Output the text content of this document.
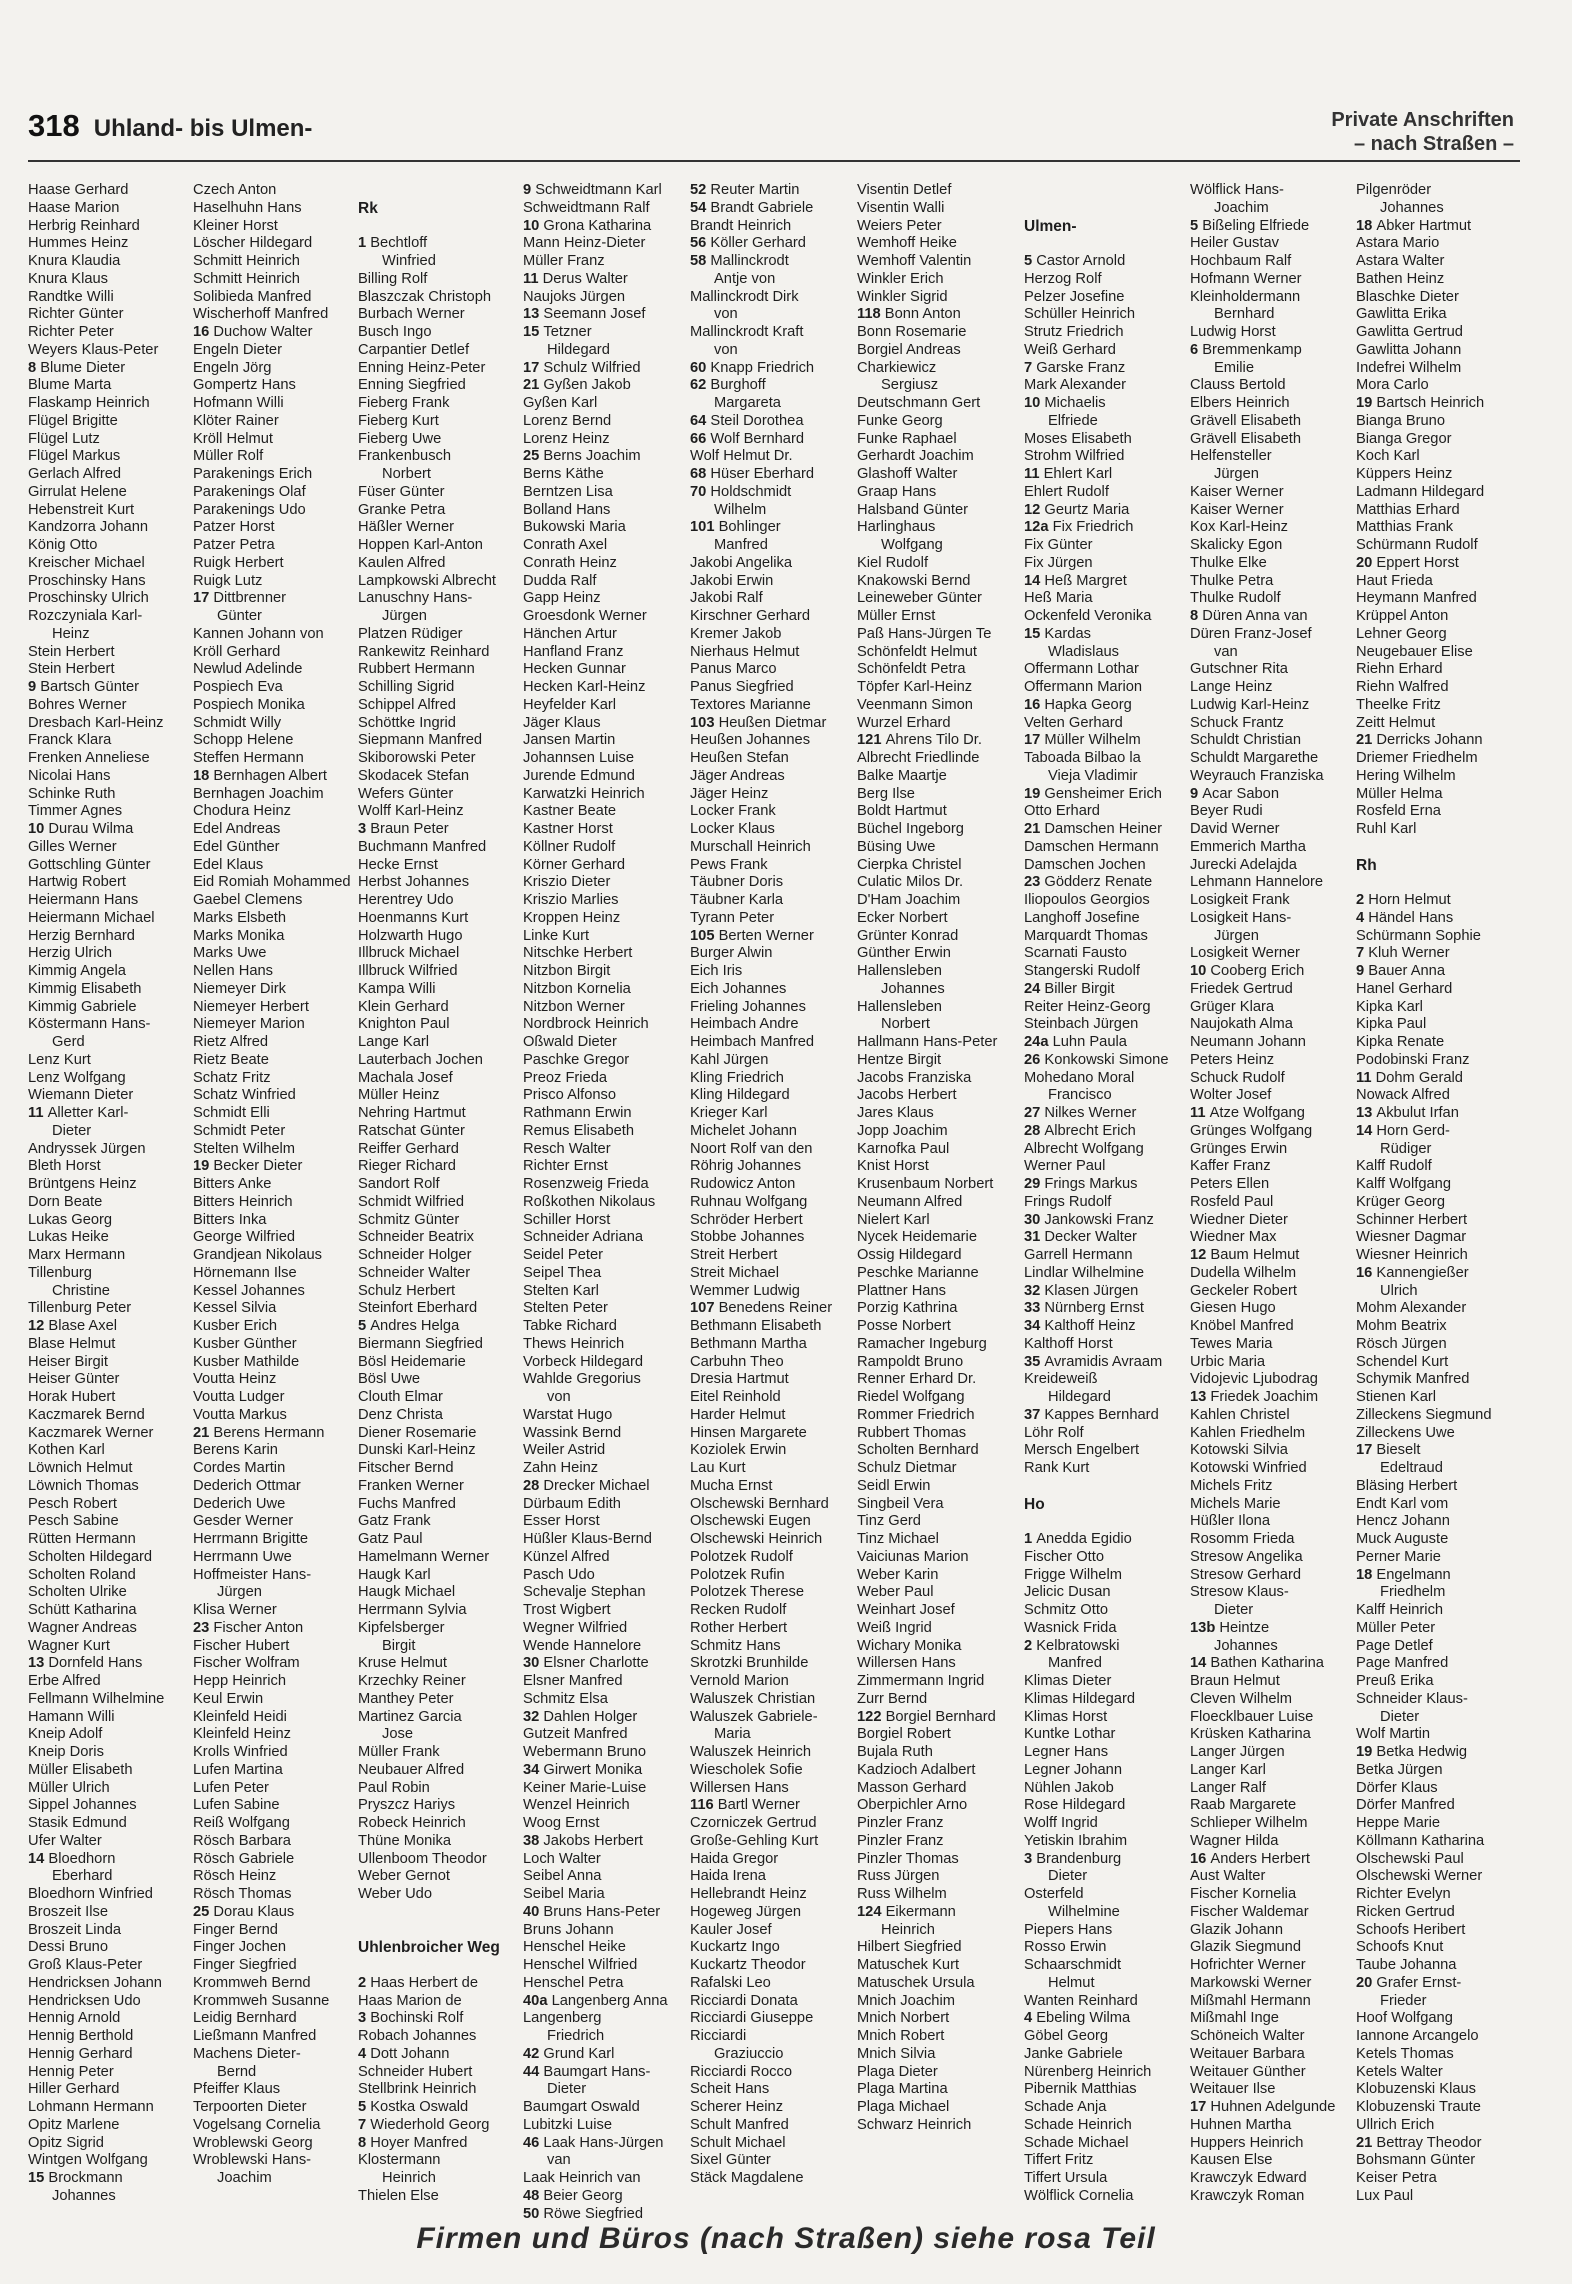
318 Uhland- bis Ulmen-	Private Anschriften
– nach Straßen –
Haase Gerhard
Haase Marion
Herbrig Reinhard
Hummes Heinz
Knura Klaudia
Knura Klaus
Randtke Willi
Richter Günter
Richter Peter
Weyers Klaus-Peter
8 Blume Dieter
Blume Marta
Flaskamp Heinrich
Flügel Brigitte
Flügel Lutz
Flügel Markus
Gerlach Alfred
Girrulat Helene
Hebenstreit Kurt
Kandzorra Johann
König Otto
Kreischer Michael
Proschinsky Hans
Proschinsky Ulrich
Rozczyniala Karl-
Heinz
Stein Herbert
Stein Herbert
9 Bartsch Günter
Bohres Werner
Dresbach Karl-Heinz
Franck Klara
Frenken Anneliese
Nicolai Hans
Schinke Ruth
Timmer Agnes
10 Durau Wilma
Gilles Werner
Gottschling Günter
Hartwig Robert
Heiermann Hans
Heiermann Michael
Herzig Bernhard
Herzig Ulrich
Kimmig Angela
Kimmig Elisabeth
Kimmig Gabriele
Köstermann Hans-
Gerd
Lenz Kurt
Lenz Wolfgang
Wiemann Dieter
11 Alletter Karl-
Dieter
Andryssek Jürgen
Bleth Horst
Brüntgens Heinz
Dorn Beate
Lukas Georg
Lukas Heike
Marx Hermann
Tillenburg
Christine
Tillenburg Peter
12 Blase Axel
Blase Helmut
Heiser Birgit
Heiser Günter
Horak Hubert
Kaczmarek Bernd
Kaczmarek Werner
Kothen Karl
Löwnich Helmut
Löwnich Thomas
Pesch Robert
Pesch Sabine
Rütten Hermann
Scholten Hildegard
Scholten Roland
Scholten Ulrike
Schütt Katharina
Wagner Andreas
Wagner Kurt
13 Dornfeld Hans
Erbe Alfred
Fellmann Wilhelmine
Hamann Willi
Kneip Adolf
Kneip Doris
Müller Elisabeth
Müller Ulrich
Sippel Johannes
Stasik Edmund
Ufer Walter
14 Bloedhorn
Eberhard
Bloedhorn Winfried
Broszeit Ilse
Broszeit Linda
Dessi Bruno
Groß Klaus-Peter
Hendricksen Johann
Hendricksen Udo
Hennig Arnold
Hennig Berthold
Hennig Gerhard
Hennig Peter
Hiller Gerhard
Lohmann Hermann
Opitz Marlene
Opitz Sigrid
Wintgen Wolfgang
15 Brockmann
Johannes
Czech Anton
Haselhuhn Hans
Kleiner Horst
Löscher Hildegard
Schmitt Heinrich
Schmitt Heinrich
Solibieda Manfred
Wischerhoff Manfred
16 Duchow Walter
Engeln Dieter
Engeln Jörg
Gompertz Hans
Hofmann Willi
Klöter Rainer
Kröll Helmut
Müller Rolf
Parakenings Erich
Parakenings Olaf
Parakenings Udo
Patzer Horst
Patzer Petra
Ruigk Herbert
Ruigk Lutz
17 Dittbrenner
Günter
Kannen Johann von
Kröll Gerhard
Newlud Adelinde
Pospiech Eva
Pospiech Monika
Schmidt Willy
Schopp Helene
Steffen Hermann
18 Bernhagen Albert
Bernhagen Joachim
Chodura Heinz
Edel Andreas
Edel Günther
Edel Klaus
Eid Romiah Mohammed
Gaebel Clemens
Marks Elsbeth
Marks Monika
Marks Uwe
Nellen Hans
Niemeyer Dirk
Niemeyer Herbert
Niemeyer Marion
Rietz Alfred
Rietz Beate
Schatz Fritz
Schatz Winfried
Schmidt Elli
Schmidt Peter
Stelten Wilhelm
19 Becker Dieter
Bitters Anke
Bitters Heinrich
Bitters Inka
George Wilfried
Grandjean Nikolaus
Hörnemann Ilse
Kessel Johannes
Kessel Silvia
Kusber Erich
Kusber Günther
Kusber Mathilde
Voutta Heinz
Voutta Ludger
Voutta Markus
21 Berens Hermann
Berens Karin
Cordes Martin
Dederich Ottmar
Dederich Uwe
Gesder Werner
Herrmann Brigitte
Herrmann Uwe
Hoffmeister Hans-
Jürgen
Klisa Werner
23 Fischer Anton
Fischer Hubert
Fischer Wolfram
Hepp Heinrich
Keul Erwin
Kleinfeld Heidi
Kleinfeld Heinz
Krolls Winfried
Lufen Martina
Lufen Peter
Lufen Sabine
Reiß Wolfgang
Rösch Barbara
Rösch Gabriele
Rösch Heinz
Rösch Thomas
25 Dorau Klaus
Finger Bernd
Finger Jochen
Finger Siegfried
Krommweh Bernd
Krommweh Susanne
Leidig Bernhard
Ließmann Manfred
Machens Dieter-
Bernd
Pfeiffer Klaus
Terpoorten Dieter
Vogelsang Cornelia
Wroblewski Georg
Wroblewski Hans-
Joachim
Rk
1 Bechtloff
Winfried
Billing Rolf
Blaszczak Christoph
Burbach Werner
Busch Ingo
Carpantier Detlef
Enning Heinz-Peter
Enning Siegfried
Fieberg Frank
Fieberg Kurt
Fieberg Uwe
Frankenbusch
Norbert
Füser Günter
Granke Petra
Häßler Werner
Hoppen Karl-Anton
Kaulen Alfred
Lampkowski Albrecht
Lanuschny Hans-
Jürgen
Platzen Rüdiger
Rankewitz Reinhard
Rubbert Hermann
Schilling Sigrid
Schippel Alfred
Schöttke Ingrid
Siepmann Manfred
Skiborowski Peter
Skodacek Stefan
Wefers Günter
Wolff Karl-Heinz
3 Braun Peter
Buchmann Manfred
Hecke Ernst
Herbst Johannes
Herentrey Udo
Hoenmanns Kurt
Holzwarth Hugo
Illbruck Michael
Illbruck Wilfried
Kampa Willi
Klein Gerhard
Knighton Paul
Lange Karl
Lauterbach Jochen
Machala Josef
Müller Heinz
Nehring Hartmut
Ratschat Günter
Reiffer Gerhard
Rieger Richard
Sandort Rolf
Schmidt Wilfried
Schmitz Günter
Schneider Beatrix
Schneider Holger
Schneider Walter
Schulz Herbert
Steinfort Eberhard
5 Andres Helga
Biermann Siegfried
Bösl Heidemarie
Bösl Uwe
Clouth Elmar
Denz Christa
Diener Rosemarie
Dunski Karl-Heinz
Fitscher Bernd
Franken Werner
Fuchs Manfred
Gatz Frank
Gatz Paul
Hamelmann Werner
Haugk Karl
Haugk Michael
Herrmann Sylvia
Kipfelsberger
Birgit
Kruse Helmut
Krzechky Reiner
Manthey Peter
Martinez Garcia
Jose
Müller Frank
Neubauer Alfred
Paul Robin
Pryszcz Hariys
Robeck Heinrich
Thüne Monika
Ullenboom Theodor
Weber Gernot
Weber Udo
Uhlenbroicher Weg
2 Haas Herbert de
Haas Marion de
3 Bochinski Rolf
Robach Johannes
4 Dott Johann
Schneider Hubert
Stellbrink Heinrich
5 Kostka Oswald
7 Wiederhold Georg
8 Hoyer Manfred
Klostermann
Heinrich
Thielen Else
9 Schweidtmann Karl
Schweidtmann Ralf
10 Grona Katharina
Mann Heinz-Dieter
Müller Franz
11 Derus Walter
Naujoks Jürgen
13 Seemann Josef
15 Tetzner
Hildegard
17 Schulz Wilfried
21 Gyßen Jakob
Gyßen Karl
Lorenz Bernd
Lorenz Heinz
25 Berns Joachim
Berns Käthe
Berntzen Lisa
Bolland Hans
Bukowski Maria
Conrath Axel
Conrath Heinz
Dudda Ralf
Gapp Heinz
Groesdonk Werner
Hänchen Artur
Hanfland Franz
Hecken Gunnar
Hecken Karl-Heinz
Heyfelder Karl
Jäger Klaus
Jansen Martin
Johannsen Luise
Jurende Edmund
Karwatzki Heinrich
Kastner Beate
Kastner Horst
Köllner Rudolf
Körner Gerhard
Kriszio Dieter
Kriszio Marlies
Kroppen Heinz
Linke Kurt
Nitschke Herbert
Nitzbon Birgit
Nitzbon Kornelia
Nitzbon Werner
Nordbrock Heinrich
Oßwald Dieter
Paschke Gregor
Preoz Frieda
Prisco Alfonso
Rathmann Erwin
Remus Elisabeth
Resch Walter
Richter Ernst
Rosenzweig Frieda
Roßkothen Nikolaus
Schiller Horst
Schneider Adriana
Seidel Peter
Seipel Thea
Stelten Karl
Stelten Peter
Tabke Richard
Thews Heinrich
Vorbeck Hildegard
Wahlde Gregorius
von
Warstat Hugo
Wassink Bernd
Weiler Astrid
Zahn Heinz
28 Drecker Michael
Dürbaum Edith
Esser Horst
Hüßler Klaus-Bernd
Künzel Alfred
Pasch Udo
Schevalje Stephan
Trost Wigbert
Wegner Wilfried
Wende Hannelore
30 Elsner Charlotte
Elsner Manfred
Schmitz Elsa
32 Dahlen Holger
Gutzeit Manfred
Webermann Bruno
34 Girwert Monika
Keiner Marie-Luise
Wenzel Heinrich
Woog Ernst
38 Jakobs Herbert
Loch Walter
Seibel Anna
Seibel Maria
40 Bruns Hans-Peter
Bruns Johann
Henschel Heike
Henschel Wilfried
Henschel Petra
40a Langenberg Anna
Langenberg
Friedrich
42 Grund Karl
44 Baumgart Hans-
Dieter
Baumgart Oswald
Lubitzki Luise
46 Laak Hans-Jürgen
van
Laak Heinrich van
48 Beier Georg
50 Röwe Siegfried
52 Reuter Martin
54 Brandt Gabriele
Brandt Heinrich
56 Köller Gerhard
58 Mallinckrodt
Antje von
Mallinckrodt Dirk
von
Mallinckrodt Kraft
von
60 Knapp Friedrich
62 Burghoff
Margareta
64 Steil Dorothea
66 Wolf Bernhard
Wolf Helmut Dr.
68 Hüser Eberhard
70 Holdschmidt
Wilhelm
101 Bohlinger
Manfred
Jakobi Angelika
Jakobi Erwin
Jakobi Ralf
Kirschner Gerhard
Kremer Jakob
Nierhaus Helmut
Panus Marco
Panus Siegfried
Textores Marianne
103 Heußen Dietmar
Heußen Johannes
Heußen Stefan
Jäger Andreas
Jäger Heinz
Locker Frank
Locker Klaus
Murschall Heinrich
Pews Frank
Täubner Doris
Täubner Karla
Tyrann Peter
105 Berten Werner
Burger Alwin
Eich Iris
Eich Johannes
Frieling Johannes
Heimbach Andre
Heimbach Manfred
Kahl Jürgen
Kling Friedrich
Kling Hildegard
Krieger Karl
Michelet Johann
Noort Rolf van den
Röhrig Johannes
Rudowicz Anton
Ruhnau Wolfgang
Schröder Herbert
Stobbe Johannes
Streit Herbert
Streit Michael
Wemmer Ludwig
107 Benedens Reiner
Bethmann Elisabeth
Bethmann Martha
Carbuhn Theo
Dresia Hartmut
Eitel Reinhold
Harder Helmut
Hinsen Margarete
Koziolek Erwin
Lau Kurt
Mucha Ernst
Olschewski Bernhard
Olschewski Eugen
Olschewski Heinrich
Polotzek Rudolf
Polotzek Rufin
Polotzek Therese
Recken Rudolf
Rother Herbert
Schmitz Hans
Skrotzki Brunhilde
Vernold Marion
Waluszek Christian
Waluszek Gabriele-
Maria
Waluszek Heinrich
Wiescholek Sofie
Willersen Hans
116 Bartl Werner
Czorniczek Gertrud
Große-Gehling Kurt
Haida Gregor
Haida Irena
Hellebrandt Heinz
Hogeweg Jürgen
Kauler Josef
Kuckartz Ingo
Kuckartz Theodor
Rafalski Leo
Ricciardi Donata
Ricciardi Giuseppe
Ricciardi
Graziuccio
Ricciardi Rocco
Scheit Hans
Scherer Heinz
Schult Manfred
Schult Michael
Sixel Günter
Stäck Magdalene
Visentin Detlef
Visentin Walli
Weiers Peter
Wemhoff Heike
Wemhoff Valentin
Winkler Erich
Winkler Sigrid
118 Bonn Anton
Bonn Rosemarie
Borgiel Andreas
Charkiewicz
Sergiusz
Deutschmann Gert
Funke Georg
Funke Raphael
Gerhardt Joachim
Glashoff Walter
Graap Hans
Halsband Günter
Harlinghaus
Wolfgang
Kiel Rudolf
Knakowski Bernd
Leineweber Günter
Müller Ernst
Paß Hans-Jürgen Te
Schönfeldt Helmut
Schönfeldt Petra
Töpfer Karl-Heinz
Veenmann Simon
Wurzel Erhard
121 Ahrens Tilo Dr.
Albrecht Friedlinde
Balke Maartje
Berg Ilse
Boldt Hartmut
Büchel Ingeborg
Büsing Uwe
Cierpka Christel
Culatic Milos Dr.
D'Ham Joachim
Ecker Norbert
Grünter Konrad
Günther Erwin
Hallensleben
Johannes
Hallensleben
Norbert
Hallmann Hans-Peter
Hentze Birgit
Jacobs Franziska
Jacobs Herbert
Jares Klaus
Jopp Joachim
Karnofka Paul
Knist Horst
Krusenbaum Norbert
Neumann Alfred
Nielert Karl
Nycek Heidemarie
Ossig Hildegard
Peschke Marianne
Plattner Hans
Porzig Kathrina
Posse Norbert
Ramacher Ingeburg
Rampoldt Bruno
Renner Erhard Dr.
Riedel Wolfgang
Rommer Friedrich
Rubbert Thomas
Scholten Bernhard
Schulz Dietmar
Seidl Erwin
Singbeil Vera
Tinz Gerd
Tinz Michael
Vaiciunas Marion
Weber Karin
Weber Paul
Weinhart Josef
Weiß Ingrid
Wichary Monika
Willersen Hans
Zimmermann Ingrid
Zurr Bernd
122 Borgiel Bernhard
Borgiel Robert
Bujala Ruth
Kadzioch Adalbert
Masson Gerhard
Oberpichler Arno
Pinzler Franz
Pinzler Franz
Pinzler Thomas
Russ Jürgen
Russ Wilhelm
124 Eikermann
Heinrich
Hilbert Siegfried
Matuschek Kurt
Matuschek Ursula
Mnich Joachim
Mnich Norbert
Mnich Robert
Mnich Silvia
Plaga Dieter
Plaga Martina
Plaga Michael
Schwarz Heinrich
Ulmen-
5 Castor Arnold
Herzog Rolf
Pelzer Josefine
Schüller Heinrich
Strutz Friedrich
Weiß Gerhard
7 Garske Franz
Mark Alexander
10 Michaelis
Elfriede
Moses Elisabeth
Strohm Wilfried
11 Ehlert Karl
Ehlert Rudolf
12 Geurtz Maria
12a Fix Friedrich
Fix Günter
Fix Jürgen
14 Heß Margret
Heß Maria
Ockenfeld Veronika
15 Kardas
Wladislaus
Offermann Lothar
Offermann Marion
16 Hapka Georg
Velten Gerhard
17 Müller Wilhelm
Taboada Bilbao la
Vieja Vladimir
19 Gensheimer Erich
Otto Erhard
21 Damschen Heiner
Damschen Hermann
Damschen Jochen
23 Gödderz Renate
Iliopoulos Georgios
Langhoff Josefine
Marquardt Thomas
Scarnati Fausto
Stangerski Rudolf
24 Biller Birgit
Reiter Heinz-Georg
Steinbach Jürgen
24a Luhn Paula
26 Konkowski Simone
Mohedano Moral
Francisco
27 Nilkes Werner
28 Albrecht Erich
Albrecht Wolfgang
Werner Paul
29 Frings Markus
Frings Rudolf
30 Jankowski Franz
31 Decker Walter
Garrell Hermann
Lindlar Wilhelmine
32 Klasen Jürgen
33 Nürnberg Ernst
34 Kalthoff Heinz
Kalthoff Horst
35 Avramidis Avraam
Kreideweiß
Hildegard
37 Kappes Bernhard
Löhr Rolf
Mersch Engelbert
Rank Kurt
Ho
1 Anedda Egidio
Fischer Otto
Frigge Wilhelm
Jelicic Dusan
Schmitz Otto
Wasnick Frida
2 Kelbratowski
Manfred
Klimas Dieter
Klimas Hildegard
Klimas Horst
Kuntke Lothar
Legner Hans
Legner Johann
Nühlen Jakob
Rose Hildegard
Wolff Ingrid
Yetiskin Ibrahim
3 Brandenburg
Dieter
Osterfeld
Wilhelmine
Piepers Hans
Rosso Erwin
Schaarschmidt
Helmut
Wanten Reinhard
4 Ebeling Wilma
Göbel Georg
Janke Gabriele
Nürenberg Heinrich
Pibernik Matthias
Schade Anja
Schade Heinrich
Schade Michael
Tiffert Fritz
Tiffert Ursula
Wölflick Cornelia
Wölflick Hans-
Joachim
5 Bißeling Elfriede
Heiler Gustav
Hochbaum Ralf
Hofmann Werner
Kleinholdermann
Bernhard
Ludwig Horst
6 Bremmenkamp
Emilie
Clauss Bertold
Elbers Heinrich
Grävell Elisabeth
Grävell Elisabeth
Helfensteller
Jürgen
Kaiser Werner
Kaiser Werner
Kox Karl-Heinz
Skalicky Egon
Thulke Elke
Thulke Petra
Thulke Rudolf
8 Düren Anna van
Düren Franz-Josef
van
Gutschner Rita
Lange Heinz
Ludwig Karl-Heinz
Schuck Frantz
Schuldt Christian
Schuldt Margarethe
Weyrauch Franziska
9 Acar Sabon
Beyer Rudi
David Werner
Emmerich Martha
Jurecki Adelajda
Lehmann Hannelore
Losigkeit Frank
Losigkeit Hans-
Jürgen
Losigkeit Werner
10 Cooberg Erich
Friedek Gertrud
Grüger Klara
Naujokath Alma
Neumann Johann
Peters Heinz
Schuck Rudolf
Wolter Josef
11 Atze Wolfgang
Grünges Wolfgang
Grünges Erwin
Kaffer Franz
Peters Ellen
Rosfeld Paul
Wiedner Dieter
Wiedner Max
12 Baum Helmut
Dudella Wilhelm
Geckeler Robert
Giesen Hugo
Knöbel Manfred
Tewes Maria
Urbic Maria
Vidojevic Ljubodrag
13 Friedek Joachim
Kahlen Christel
Kahlen Friedhelm
Kotowski Silvia
Kotowski Winfried
Michels Fritz
Michels Marie
Hüßler Ilona
Rosomm Frieda
Stresow Angelika
Stresow Gerhard
Stresow Klaus-
Dieter
13b Heintze
Johannes
14 Bathen Katharina
Braun Helmut
Cleven Wilhelm
Floecklbauer Luise
Krüsken Katharina
Langer Jürgen
Langer Karl
Langer Ralf
Raab Margarete
Schlieper Wilhelm
Wagner Hilda
16 Anders Herbert
Aust Walter
Fischer Kornelia
Fischer Waldemar
Glazik Johann
Glazik Siegmund
Hofrichter Werner
Markowski Werner
Mißmahl Hermann
Mißmahl Inge
Schöneich Walter
Weitauer Barbara
Weitauer Günther
Weitauer Ilse
17 Huhnen Adelgunde
Huhnen Martha
Huppers Heinrich
Kausen Else
Krawczyk Edward
Krawczyk Roman
Pilgenröder
Johannes
18 Abker Hartmut
Astara Mario
Astara Walter
Bathen Heinz
Blaschke Dieter
Gawlitta Erika
Gawlitta Gertrud
Gawlitta Johann
Indefrei Wilhelm
Mora Carlo
19 Bartsch Heinrich
Bianga Bruno
Bianga Gregor
Koch Karl
Küppers Heinz
Ladmann Hildegard
Matthias Erhard
Matthias Frank
Schürmann Rudolf
20 Eppert Horst
Haut Frieda
Heymann Manfred
Krüppel Anton
Lehner Georg
Neugebauer Elise
Riehn Erhard
Riehn Walfred
Theelke Fritz
Zeitt Helmut
21 Derricks Johann
Driemer Friedhelm
Hering Wilhelm
Müller Helma
Rosfeld Erna
Ruhl Karl
Rh
2 Horn Helmut
4 Händel Hans
Schürmann Sophie
7 Kluh Werner
9 Bauer Anna
Hanel Gerhard
Kipka Karl
Kipka Paul
Kipka Renate
Podobinski Franz
11 Dohm Gerald
Nowack Alfred
13 Akbulut Irfan
14 Horn Gerd-
Rüdiger
Kalff Rudolf
Kalff Wolfgang
Krüger Georg
Schinner Herbert
Wiesner Dagmar
Wiesner Heinrich
16 Kannengießer
Ulrich
Mohm Alexander
Mohm Beatrix
Rösch Jürgen
Schendel Kurt
Schymik Manfred
Stienen Karl
Zilleckens Siegmund
Zilleckens Uwe
17 Bieselt
Edeltraud
Bläsing Herbert
Endt Karl vom
Hencz Johann
Muck Auguste
Perner Marie
18 Engelmann
Friedhelm
Kalff Heinrich
Müller Peter
Page Detlef
Page Manfred
Preuß Erika
Schneider Klaus-
Dieter
Wolf Martin
19 Betka Hedwig
Betka Jürgen
Dörfer Klaus
Dörfer Manfred
Heppe Marie
Köllmann Katharina
Olschewski Paul
Olschewski Werner
Richter Evelyn
Ricken Gertrud
Schoofs Heribert
Schoofs Knut
Taube Johanna
20 Grafer Ernst-
Frieder
Hoof Wolfgang
Iannone Arcangelo
Ketels Thomas
Ketels Walter
Klobuzenski Klaus
Klobuzenski Traute
Ullrich Erich
21 Bettray Theodor
Bohsmann Günter
Keiser Petra
Lux Paul
Firmen und Büros (nach Straßen) siehe rosa Teil
